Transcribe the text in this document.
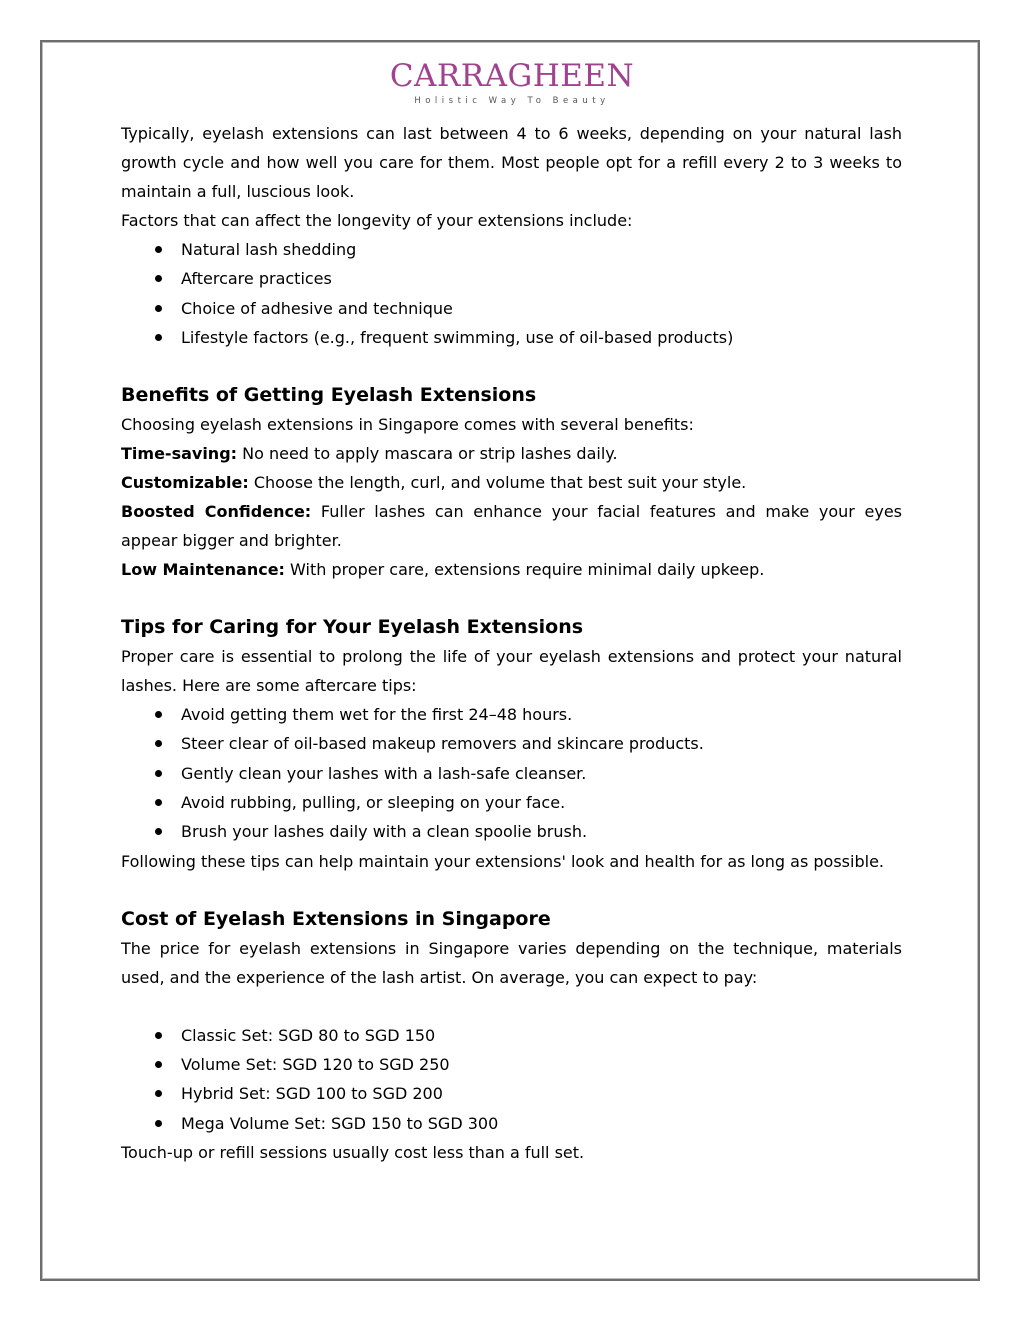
CARRAGHEEN
Holistic Way To Beauty

Typically, eyelash extensions can last between 4 to 6 weeks, depending on your natural lash growth cycle and how well you care for them. Most people opt for a refill every 2 to 3 weeks to maintain a full, luscious look.

Factors that can affect the longevity of your extensions include:

Natural lash shedding
Aftercare practices
Choice of adhesive and technique
Lifestyle factors (e.g., frequent swimming, use of oil-based products)
Benefits of Getting Eyelash Extensions

Choosing eyelash extensions in Singapore comes with several benefits:

Time-saving: No need to apply mascara or strip lashes daily.

Customizable: Choose the length, curl, and volume that best suit your style.

Boosted Confidence: Fuller lashes can enhance your facial features and make your eyes appear bigger and brighter.

Low Maintenance: With proper care, extensions require minimal daily upkeep.

Tips for Caring for Your Eyelash Extensions

Proper care is essential to prolong the life of your eyelash extensions and protect your natural lashes. Here are some aftercare tips:

Avoid getting them wet for the first 24–48 hours.
Steer clear of oil-based makeup removers and skincare products.
Gently clean your lashes with a lash-safe cleanser.
Avoid rubbing, pulling, or sleeping on your face.
Brush your lashes daily with a clean spoolie brush.

Following these tips can help maintain your extensions' look and health for as long as possible.

Cost of Eyelash Extensions in Singapore

The price for eyelash extensions in Singapore varies depending on the technique, materials used, and the experience of the lash artist. On average, you can expect to pay:

Classic Set: SGD 80 to SGD 150
Volume Set: SGD 120 to SGD 250
Hybrid Set: SGD 100 to SGD 200
Mega Volume Set: SGD 150 to SGD 300

Touch-up or refill sessions usually cost less than a full set.
